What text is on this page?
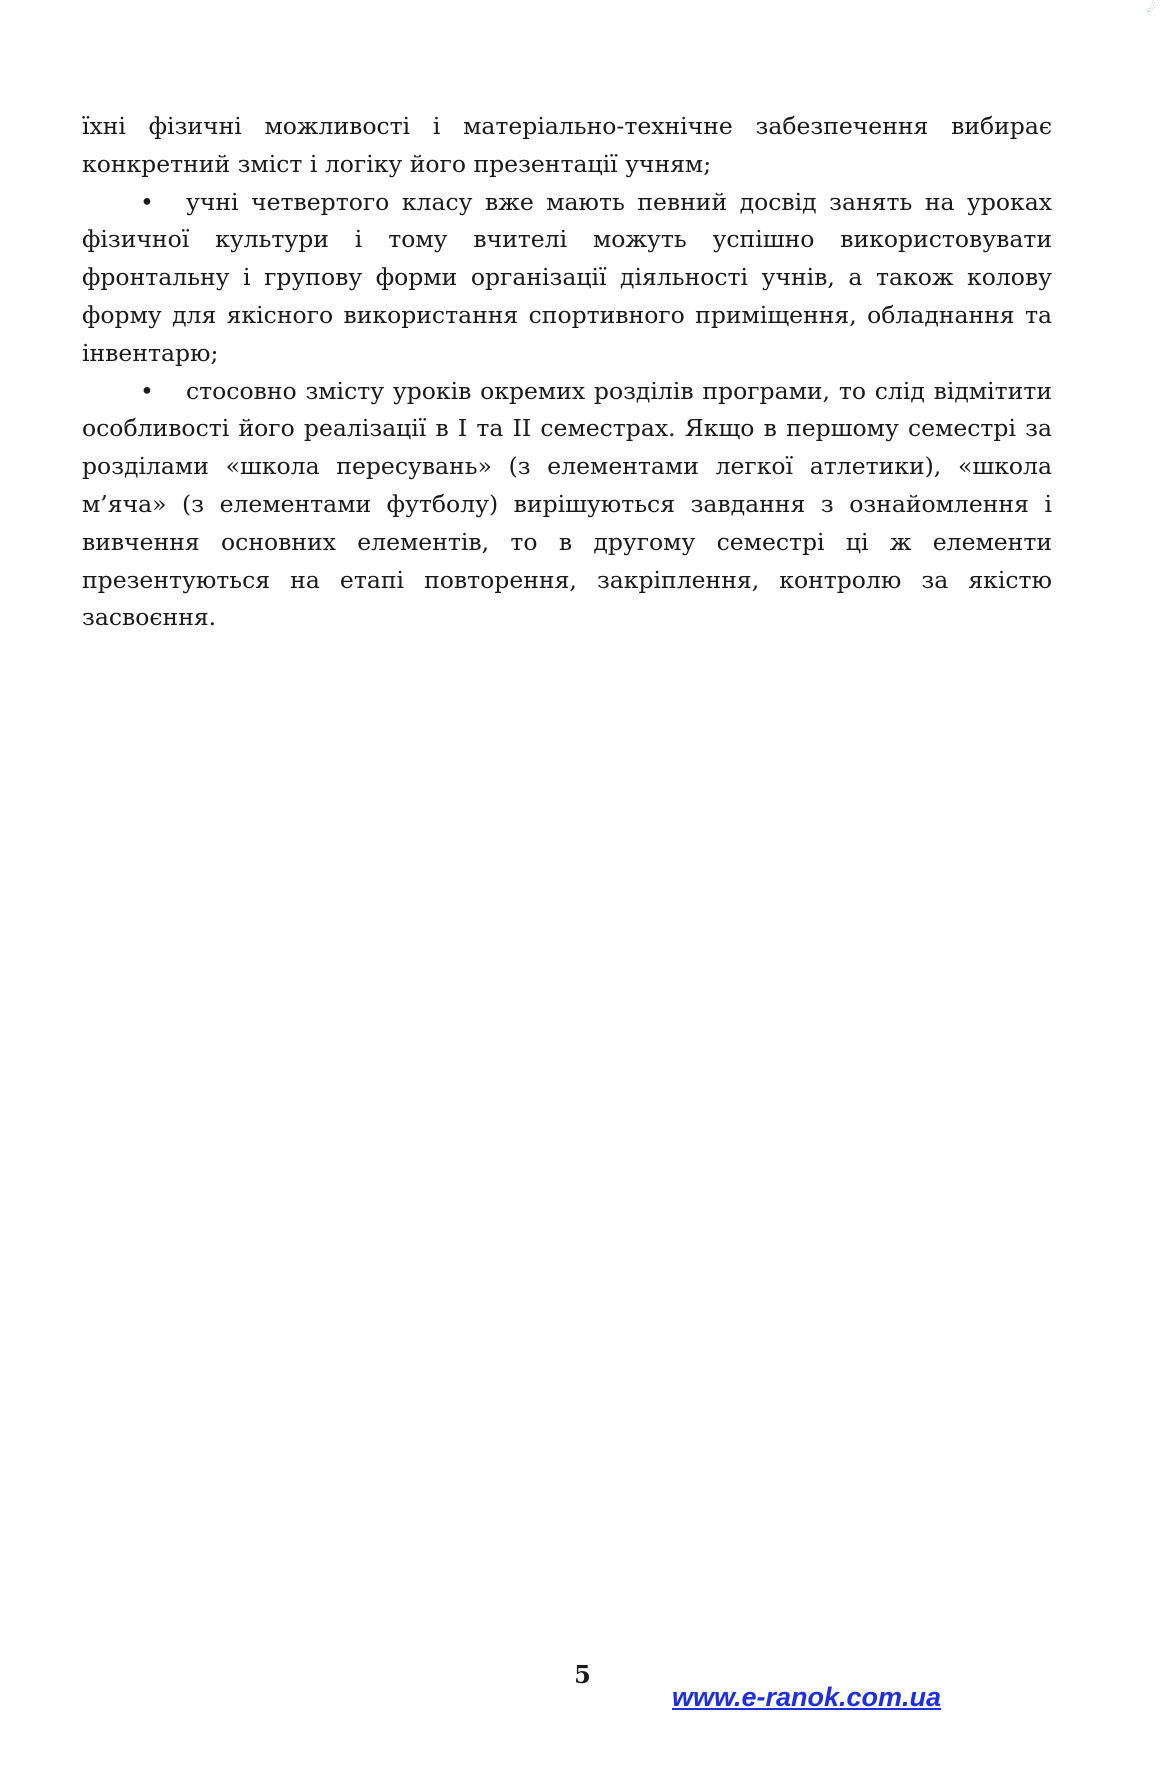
☄

їхні фізичні можливості і матеріально-технічне забезпечення вибирає конкретний зміст і логіку його презентації учням;

• учні четвертого класу вже мають певний досвід занять на уроках фізичної культури і тому вчителі можуть успішно використовувати фронтальну і групову форми організації діяльності учнів, а також колову форму для якісного використання спортивного приміщення, обладнання та інвентарю;

• стосовно змісту уроків окремих розділів програми, то слід відмітити особливості його реалізації в І та ІІ семестрах. Якщо в першому семестрі за розділами «школа пересувань» (з елементами легкої атлетики), «школа м’яча» (з елементами футболу) вирішуються завдання з ознайомлення і вивчення основних елементів, то в другому семестрі ці ж елементи презентуються на етапі повторення, закріплення, контролю за якістю засвоєння.

5
www.e-ranok.com.ua
